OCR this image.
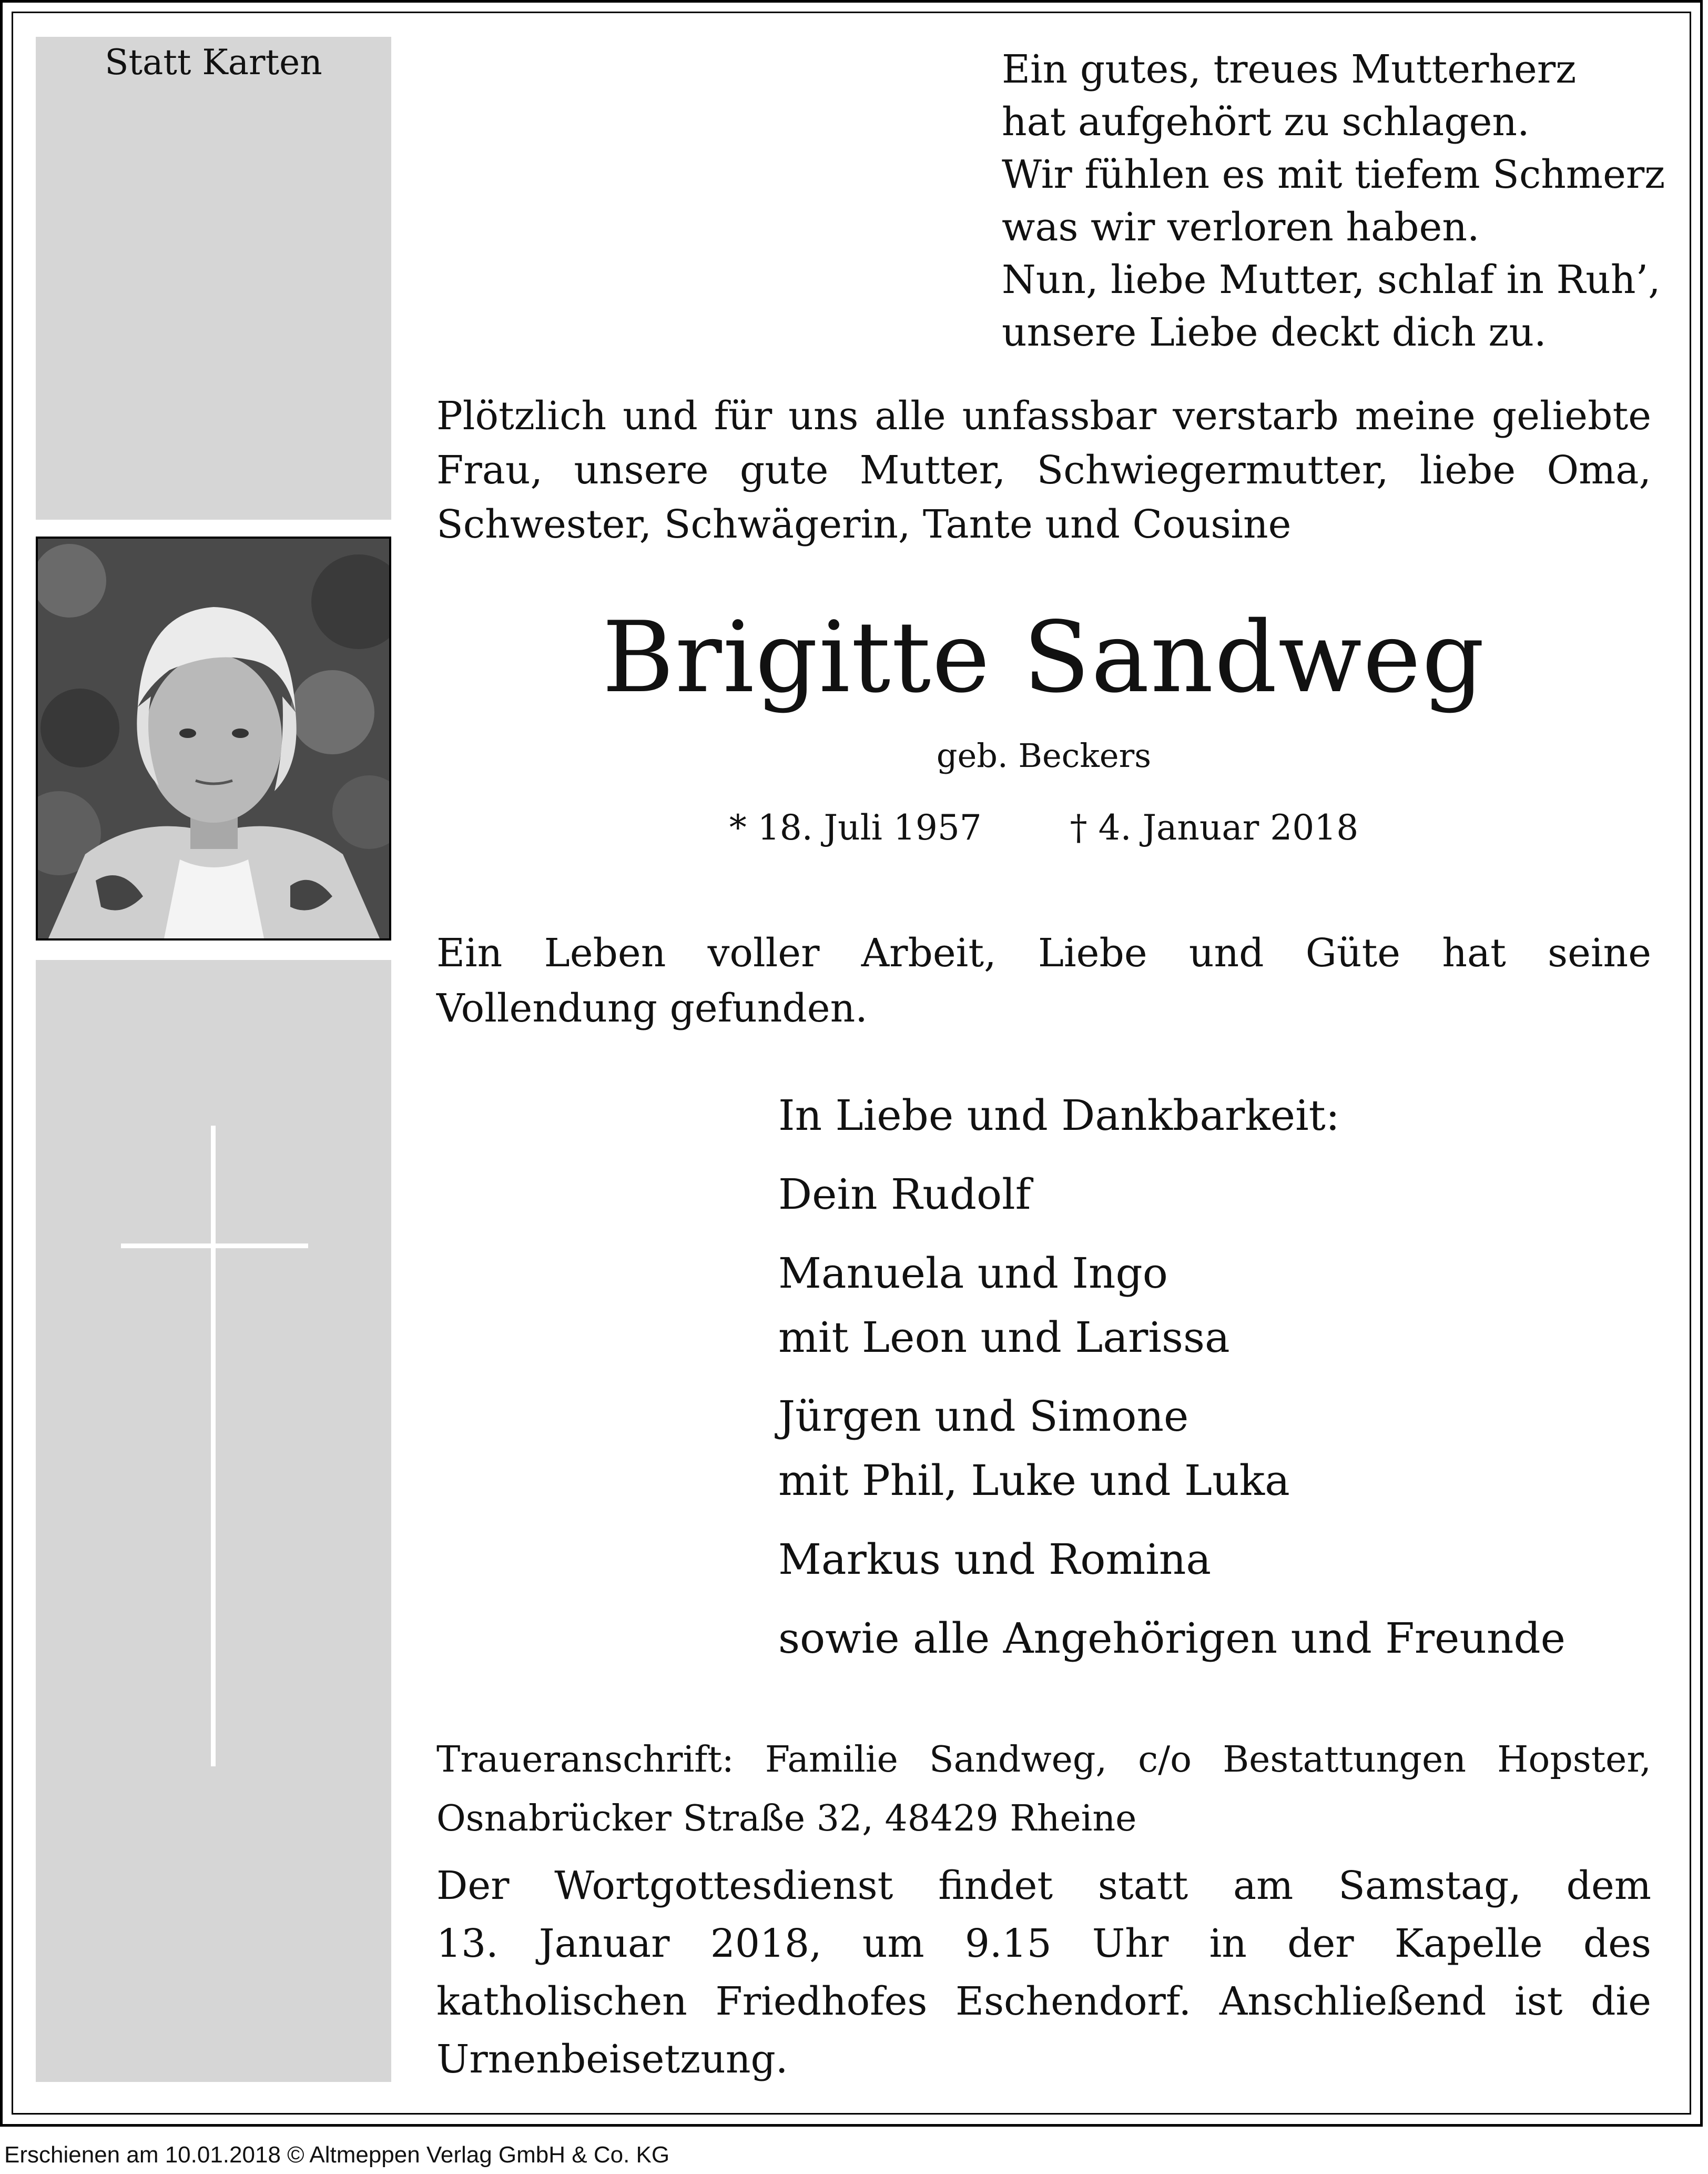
Statt Karten	Ein gutes, treues Mutterherz
hat aufgehört zu schlagen.
Wir fühlen es mit tiefem Schmerz
was wir verloren haben.
Nun, liebe Mutter, schlaf in Ruh’,
unsere Liebe deckt dich zu.
Plötzlich und für uns alle unfassbar verstarb meine geliebte
Frau, unsere gute Mutter, Schwiegermutter, liebe Oma,
Schwester, Schwägerin, Tante und Cousine
Brigitte Sandweg
geb. Beckers
* 18. Juli 1957	† 4. Januar 2018
Ein Leben voller Arbeit, Liebe und Güte hat seine
Vollendung gefunden.
In Liebe und Dankbarkeit:
Dein Rudolf
Manuela und Ingo
mit Leon und Larissa
Jürgen und Simone
mit Phil, Luke und Luka
Markus und Romina
sowie alle Angehörigen und Freunde
Traueranschrift: Familie Sandweg, c/o Bestattungen Hopster,
Osnabrücker Straße 32, 48429 Rheine
Der Wortgottesdienst findet statt am Samstag, dem
13. Januar 2018, um 9.15 Uhr in der Kapelle des
katholischen Friedhofes Eschendorf. Anschließend ist die
Urnenbeisetzung.
Erschienen am 10.01.2018 © Altmeppen Verlag GmbH & Co. KG
